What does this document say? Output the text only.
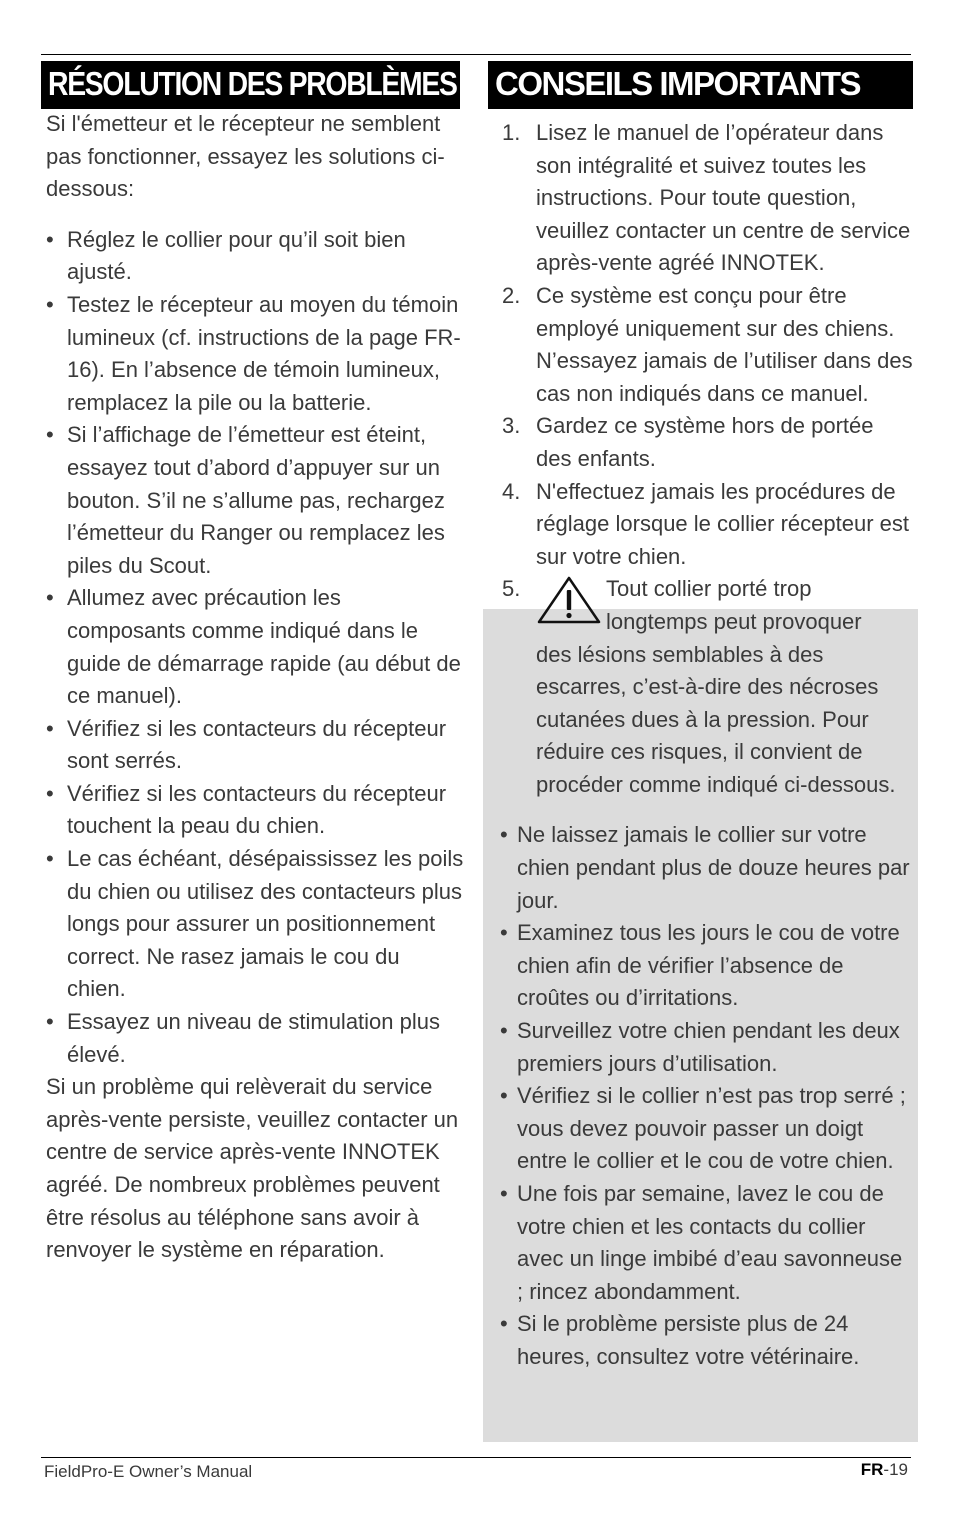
RÉSOLUTION DES PROBLÈMES CONSEILS IMPORTANTS

Si l'émetteur et le récepteur ne semblent pas fonctionner, essayez les solutions ci-dessous:

• Réglez le collier pour qu’il soit bien ajusté.
• Testez le récepteur au moyen du témoin lumineux (cf. instructions de la page FR-16). En l’absence de témoin lumineux, remplacez la pile ou la batterie.
• Si l’affichage de l’émetteur est éteint, essayez tout d’abord d’appuyer sur un bouton. S’il ne s’allume pas, rechargez l’émetteur du Ranger ou remplacez les piles du Scout.
• Allumez avec précaution les composants comme indiqué dans le guide de démarrage rapide (au début de ce manuel).
• Vérifiez si les contacteurs du récepteur sont serrés.
• Vérifiez si les contacteurs du récepteur touchent la peau du chien.
• Le cas échéant, désépaississez les poils du chien ou utilisez des contacteurs plus longs pour assurer un positionnement correct. Ne rasez jamais le cou du chien.
• Essayez un niveau de stimulation plus élevé.

Si un problème qui relèverait du service après-vente persiste, veuillez contacter un centre de service après-vente INNOTEK agréé. De nombreux problèmes peuvent être résolus au téléphone sans avoir à renvoyer le système en réparation.

1. Lisez le manuel de l’opérateur dans son intégralité et suivez toutes les instructions. Pour toute question, veuillez contacter un centre de service après-vente agréé INNOTEK.
2. Ce système est conçu pour être employé uniquement sur des chiens. N’essayez jamais de l’utiliser dans des cas non indiqués dans ce manuel.
3. Gardez ce système hors de portée des enfants.
4. N'effectuez jamais les procédures de réglage lorsque le collier récepteur est sur votre chien.
5.	Tout collier porté trop
longtemps peut provoquer
des lésions semblables à des escarres, c’est-à-dire des nécroses cutanées dues à la pression. Pour réduire ces risques, il convient de procéder comme indiqué ci-dessous.
• Ne laissez jamais le collier sur votre chien pendant plus de douze heures par jour.
• Examinez tous les jours le cou de votre chien afin de vérifier l’absence de croûtes ou d’irritations.
• Surveillez votre chien pendant les deux premiers jours d’utilisation.
• Vérifiez si le collier n’est pas trop serré ; vous devez pouvoir passer un doigt entre le collier et le cou de votre chien.
• Une fois par semaine, lavez le cou de votre chien et les contacts du collier avec un linge imbibé d’eau savonneuse ; rincez abondamment.
• Si le problème persiste plus de 24 heures, consultez votre vétérinaire.
FieldPro-E Owner’s Manual	FR-19
